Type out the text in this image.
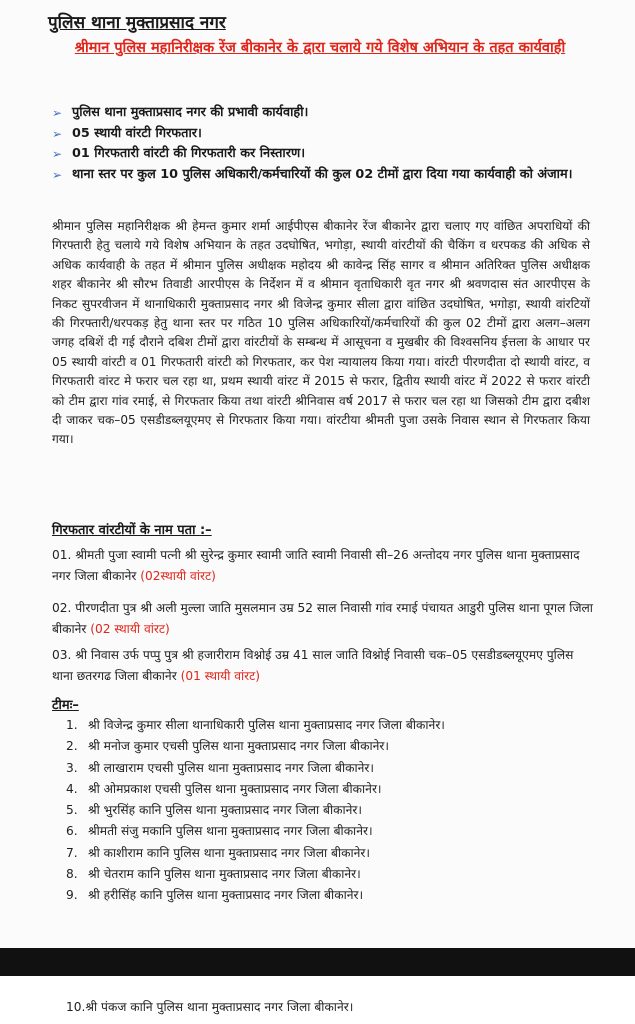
पुलिस थाना मुक्ताप्रसाद नगर
श्रीमान पुलिस महानिरीक्षक रेंज बीकानेर के द्वारा चलाये गये विशेष अभियान के तहत कार्यवाही
➢ पुलिस थाना मुक्ताप्रसाद नगर की प्रभावी कार्यवाही।
➢ 05 स्थायी वांरटी गिरफतार।
➢ 01 गिरफतारी वांरटी की गिरफतारी कर निस्तारण।
➢ थाना स्तर पर कुल 10 पुलिस अधिकारी/कर्मचारियों की कुल 02 टीमों द्वारा दिया गया कार्यवाही को अंजाम।
श्रीमान पुलिस महानिरीक्षक श्री हेमन्त कुमार शर्मा आईपीएस बीकानेर रेंज बीकानेर द्वारा चलाए गए वांछित अपराधियों की गिरफ्तारी हेतु चलाये गये विशेष अभियान के तहत उदघोषित, भगोड़ा, स्थायी वांरटीयों की चैकिंग व धरपकड की अधिक से अधिक कार्यवाही के तहत में श्रीमान पुलिस अधीक्षक महोदय श्री कावेन्द्र सिंह सागर व श्रीमान अतिरिक्त पुलिस अधीक्षक शहर बीकानेर श्री सौरभ तिवाडी आरपीएस के निर्देशन में व श्रीमान वृताधिकारी वृत नगर श्री श्रवणदास संत आरपीएस के निकट सुपरवीजन में थानाधिकारी मुक्ताप्रसाद नगर श्री विजेन्द्र कुमार सीला द्वारा वांछित उदघोषित, भगोड़ा, स्थायी वांरटियों की गिरफ्तारी/धरपकड़ हेतु थाना स्तर पर गठित 10 पुलिस अधिकारियों/कर्मचारियों की कुल 02 टीमों द्वारा अलग–अलग जगह दबिशें दी गई दौराने दबिश टीमों द्वारा वांरटीयों के सम्बन्ध में आसूचना व मुखबीर की विश्वसनिय ईत्तला के आधार पर 05 स्थायी वांरटी व 01 गिरफतारी वांरटी को गिरफतार, कर पेश न्यायालय किया गया। वांरटी पीरणदीता दो स्थायी वांरट, व गिरफतारी वांरट मे फरार चल रहा था, प्रथम स्थायी वांरट में 2015 से फरार, द्वितीय स्थायी वांरट में 2022 से फरार वांरटी को टीम द्वारा गांव रमाई, से गिरफतार किया तथा वांरटी श्रीनिवास वर्ष 2017 से फरार चल रहा था जिसको टीम द्वारा दबीश दी जाकर चक–05 एसडीडब्लयूएमए से गिरफतार किया गया। वांरटीया श्रीमती पुजा उसके निवास स्थान से गिरफतार किया गया।
गिरफतार वांरटीयों के नाम पता :–
01. श्रीमती पुजा स्वामी पत्नी श्री सुरेन्द्र कुमार स्वामी जाति स्वामी निवासी सी–26 अन्तोदय नगर पुलिस थाना मुक्ताप्रसाद नगर जिला बीकानेर (02स्थायी वांरट)
02. पीरणदीता पुत्र श्री अली मुल्ला जाति मुसलमान उम्र 52 साल निवासी गांव रमाई पंचायत आडुरी पुलिस थाना पूगल जिला बीकानेर (02 स्थायी वांरट)
03. श्री निवास उर्फ पप्पु पुत्र श्री हजारीराम विश्नोई उम्र 41 साल जाति विश्नोई निवासी चक–05 एसडीडब्लयूएमए पुलिस थाना छतरगढ जिला बीकानेर (01 स्थायी वांरट)
टीमः–
1. श्री विजेन्द्र कुमार सीला थानाधिकारी पुलिस थाना मुक्ताप्रसाद नगर जिला बीकानेर।
2. श्री मनोज कुमार एचसी पुलिस थाना मुक्ताप्रसाद नगर जिला बीकानेर।
3. श्री लाखाराम एचसी पुलिस थाना मुक्ताप्रसाद नगर जिला बीकानेर।
4. श्री ओमप्रकाश एचसी पुलिस थाना मुक्ताप्रसाद नगर जिला बीकानेर।
5. श्री भुरसिंह कानि पुलिस थाना मुक्ताप्रसाद नगर जिला बीकानेर।
6. श्रीमती संजु मकानि पुलिस थाना मुक्ताप्रसाद नगर जिला बीकानेर।
7. श्री काशीराम कानि पुलिस थाना मुक्ताप्रसाद नगर जिला बीकानेर।
8. श्री चेतराम कानि पुलिस थाना मुक्ताप्रसाद नगर जिला बीकानेर।
9. श्री हरीसिंह कानि पुलिस थाना मुक्ताप्रसाद नगर जिला बीकानेर।
10.श्री पंकज कानि पुलिस थाना मुक्ताप्रसाद नगर जिला बीकानेर।
